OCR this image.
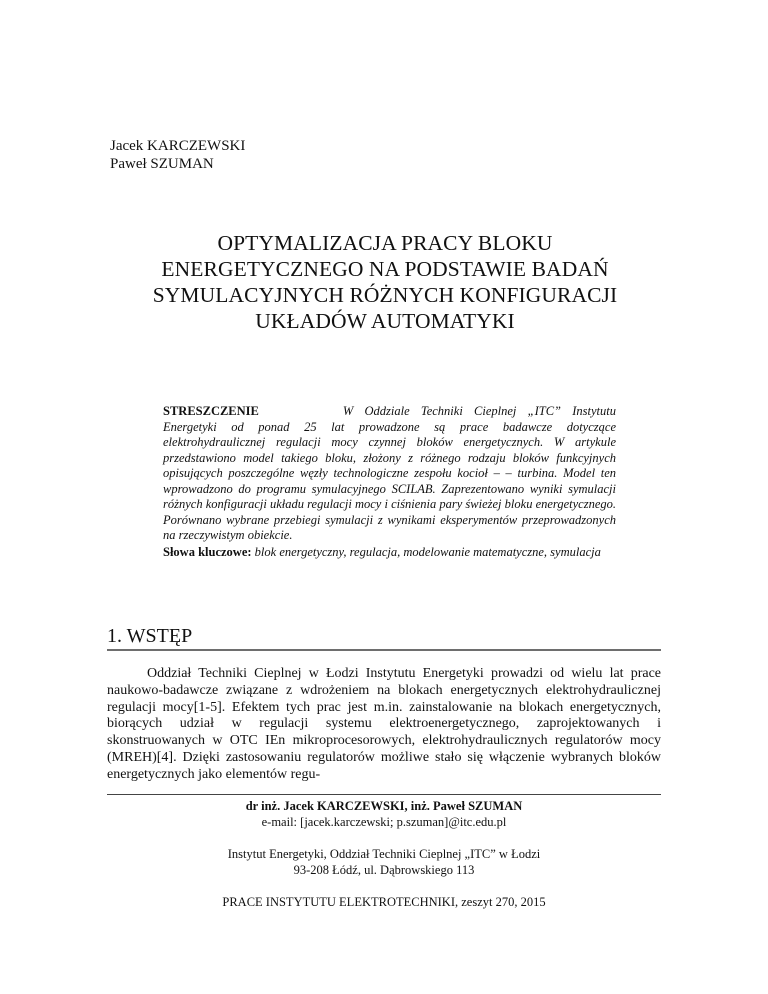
Jacek KARCZEWSKI
Paweł SZUMAN
OPTYMALIZACJA PRACY BLOKU
ENERGETYCZNEGO NA PODSTAWIE BADAŃ
SYMULACYJNYCH RÓŻNYCH KONFIGURACJI
UKŁADÓW AUTOMATYKI
STRESZCZENIE	W Oddziale Techniki Cieplnej „ITC” Instytutu Energetyki od ponad 25 lat prowadzone są prace badawcze dotyczące elektrohydraulicznej regulacji mocy czynnej bloków energetycznych. W artykule przedstawiono model takiego bloku, złożony z różnego rodzaju bloków funkcyjnych opisujących poszczególne węzły technologiczne zespołu kocioł – – turbina. Model ten wprowadzono do programu symulacyjnego SCILAB. Zaprezentowano wyniki symulacji różnych konfiguracji układu regulacji mocy i ciśnienia pary świeżej bloku energetycznego. Porównano wybrane przebiegi symulacji z wynikami eksperymentów przeprowadzonych na rzeczywistym obiekcie.
Słowa kluczowe: blok energetyczny, regulacja, modelowanie matematyczne, symulacja
1. WSTĘP

Oddział Techniki Cieplnej w Łodzi Instytutu Energetyki prowadzi od wielu lat prace naukowo-badawcze związane z wdrożeniem na blokach energetycznych elektrohydraulicznej regulacji mocy[1-5]. Efektem tych prac jest m.in. zainstalowanie na blokach energetycznych, biorących udział w regulacji systemu elektroenergetycznego, zaprojektowanych i skonstruowanych w OTC IEn mikroprocesorowych, elektrohydraulicznych regulatorów mocy (MREH)[4]. Dzięki zastosowaniu regulatorów możliwe stało się włączenie wybranych bloków energetycznych jako elementów regu-

dr inż. Jacek KARCZEWSKI, inż. Paweł SZUMAN
e-mail: [jacek.karczewski; p.szuman]@itc.edu.pl
Instytut Energetyki, Oddział Techniki Cieplnej „ITC” w Łodzi
93-208 Łódź, ul. Dąbrowskiego 113
PRACE INSTYTUTU ELEKTROTECHNIKI, zeszyt 270, 2015
